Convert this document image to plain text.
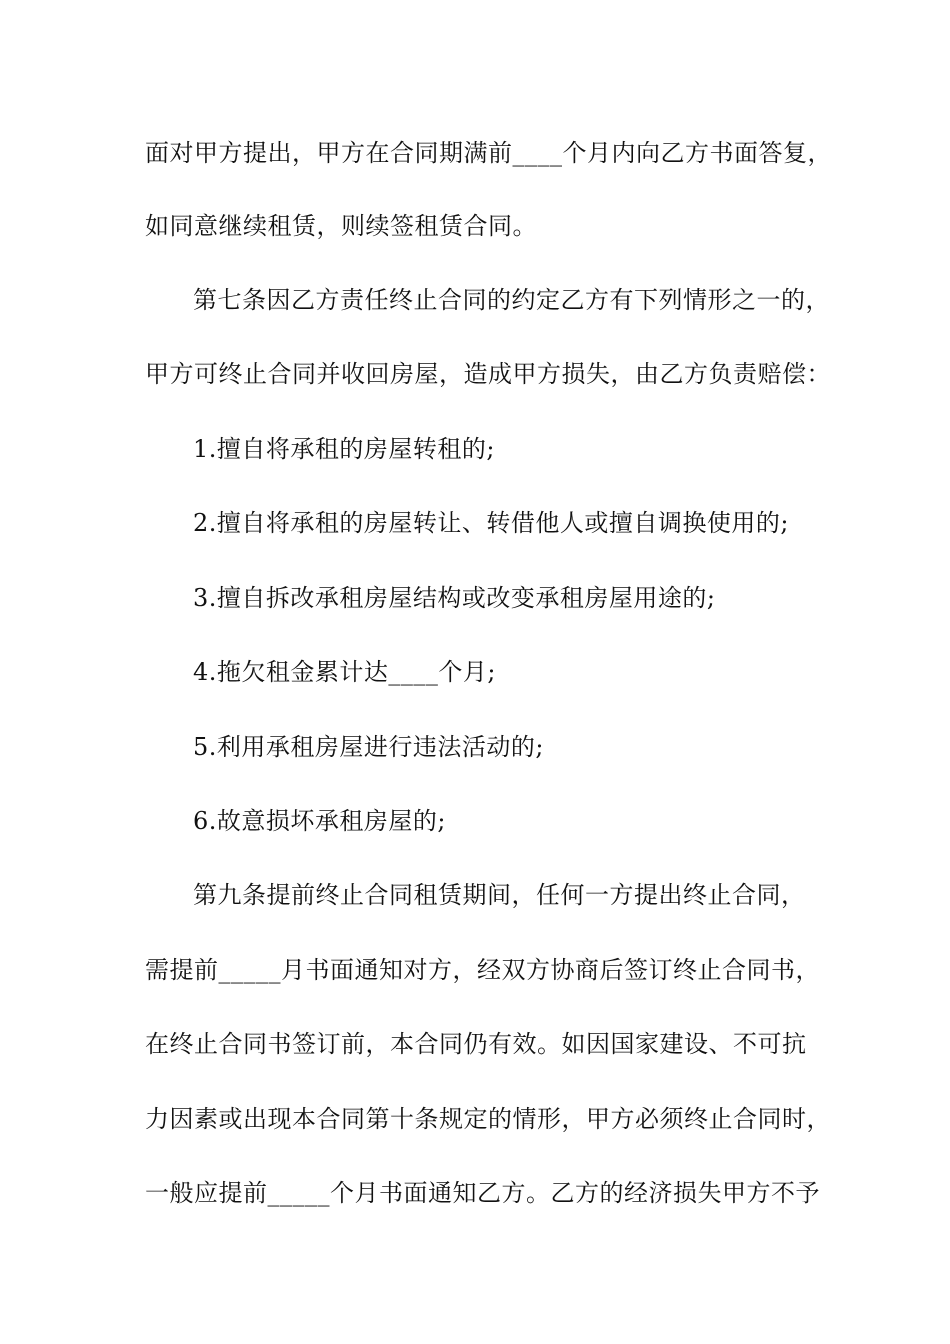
面对甲方提出，甲方在合同期满前____个月内向乙方书面答复，
如同意继续租赁，则续签租赁合同。
第七条因乙方责任终止合同的约定乙方有下列情形之一的，
甲方可终止合同并收回房屋，造成甲方损失，由乙方负责赔偿：
1.擅自将承租的房屋转租的;
2.擅自将承租的房屋转让、转借他人或擅自调换使用的;
3.擅自拆改承租房屋结构或改变承租房屋用途的;
4.拖欠租金累计达____个月;
5.利用承租房屋进行违法活动的;
6.故意损坏承租房屋的;
第九条提前终止合同租赁期间，任何一方提出终止合同，
需提前_____月书面通知对方，经双方协商后签订终止合同书，
在终止合同书签订前，本合同仍有效。如因国家建设、不可抗
力因素或出现本合同第十条规定的情形，甲方必须终止合同时，
一般应提前_____个月书面通知乙方。乙方的经济损失甲方不予
